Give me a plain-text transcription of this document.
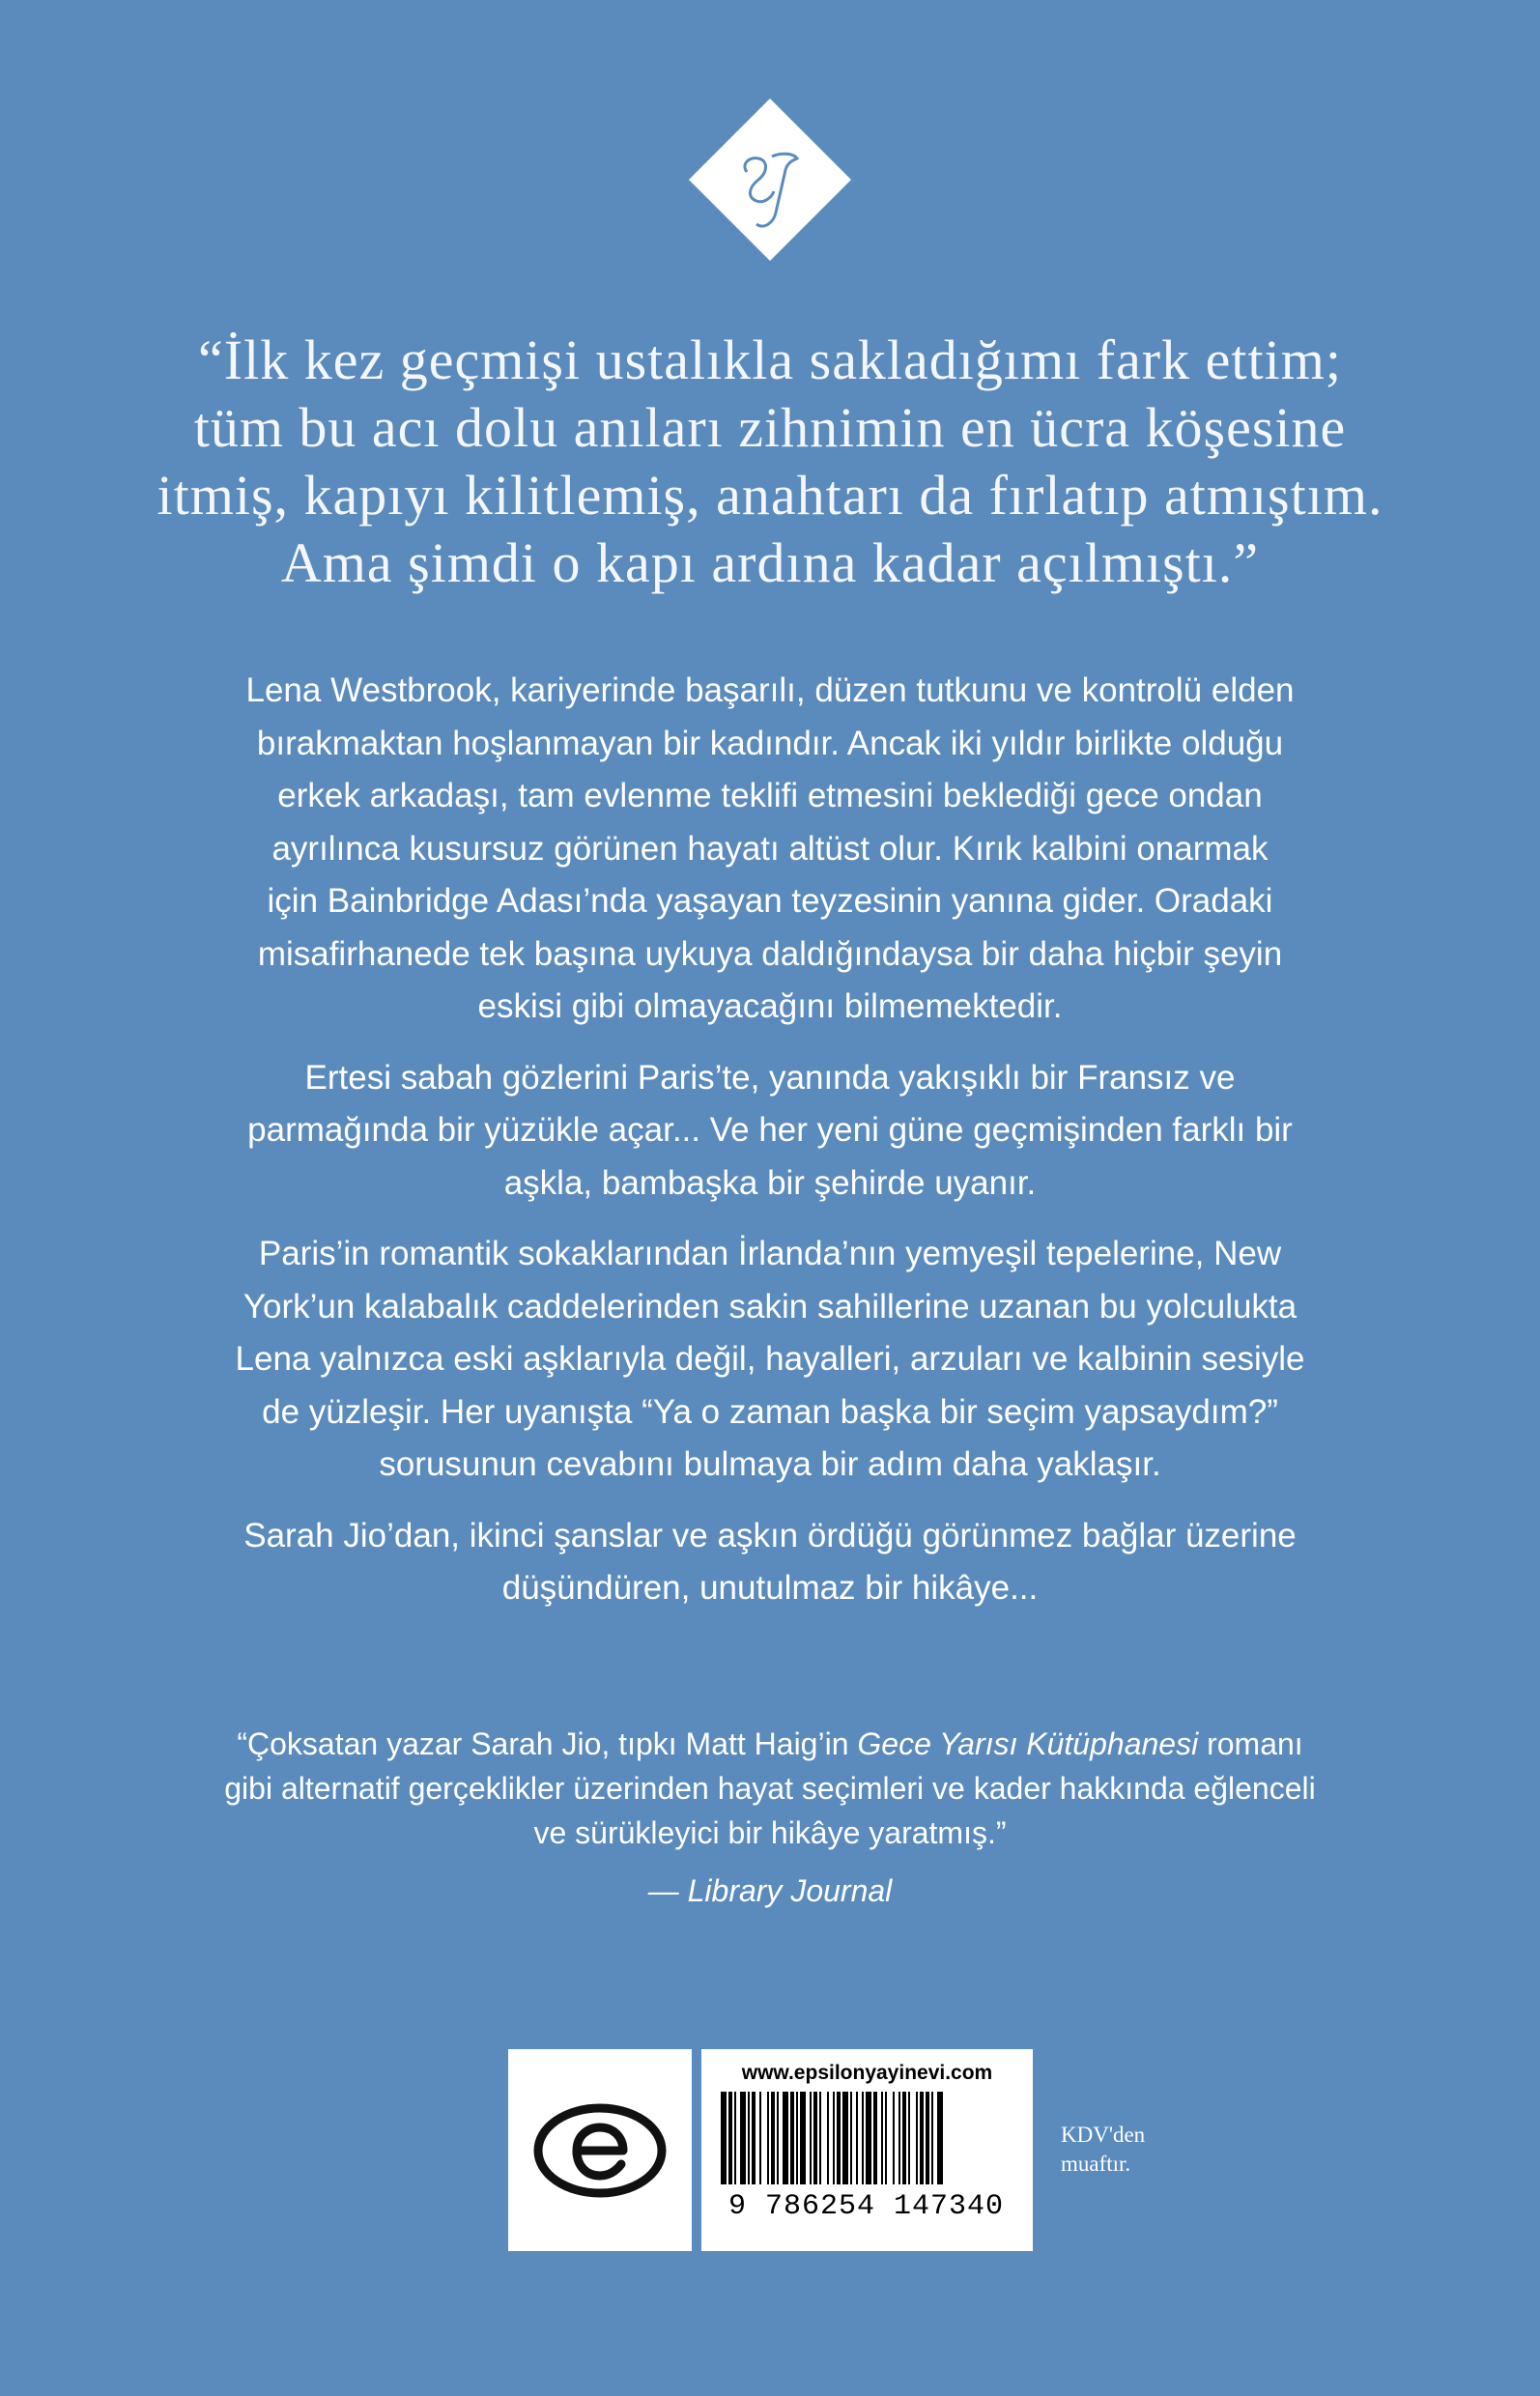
“İlk kez geçmişi ustalıkla sakladığımı fark ettim;
tüm bu acı dolu anıları zihnimin en ücra köşesine
itmiş, kapıyı kilitlemiş, anahtarı da fırlatıp atmıştım.
Ama şimdi o kapı ardına kadar açılmıştı.”

Lena Westbrook, kariyerinde başarılı, düzen tutkunu ve kontrolü elden
bırakmaktan hoşlanmayan bir kadındır. Ancak iki yıldır birlikte olduğu
erkek arkadaşı, tam evlenme teklifi etmesini beklediği gece ondan
ayrılınca kusursuz görünen hayatı altüst olur. Kırık kalbini onarmak
için Bainbridge Adası’nda yaşayan teyzesinin yanına gider. Oradaki
misafirhanede tek başına uykuya daldığındaysa bir daha hiçbir şeyin
eskisi gibi olmayacağını bilmemektedir.

Ertesi sabah gözlerini Paris’te, yanında yakışıklı bir Fransız ve
parmağında bir yüzükle açar... Ve her yeni güne geçmişinden farklı bir
aşkla, bambaşka bir şehirde uyanır.

Paris’in romantik sokaklarından İrlanda’nın yemyeşil tepelerine, New
York’un kalabalık caddelerinden sakin sahillerine uzanan bu yolculukta
Lena yalnızca eski aşklarıyla değil, hayalleri, arzuları ve kalbinin sesiyle
de yüzleşir. Her uyanışta “Ya o zaman başka bir seçim yapsaydım?”
sorusunun cevabını bulmaya bir adım daha yaklaşır.

Sarah Jio’dan, ikinci şanslar ve aşkın ördüğü görünmez bağlar üzerine
düşündüren, unutulmaz bir hikâye...

“Çoksatan yazar Sarah Jio, tıpkı Matt Haig’in Gece Yarısı Kütüphanesi romanı
gibi alternatif gerçeklikler üzerinden hayat seçimleri ve kader hakkında eğlenceli
ve sürükleyici bir hikâye yaratmış.”
— Library Journal
www.epsilonyayinevi.com
9 786254 147340
KDV'den
muaftır.
